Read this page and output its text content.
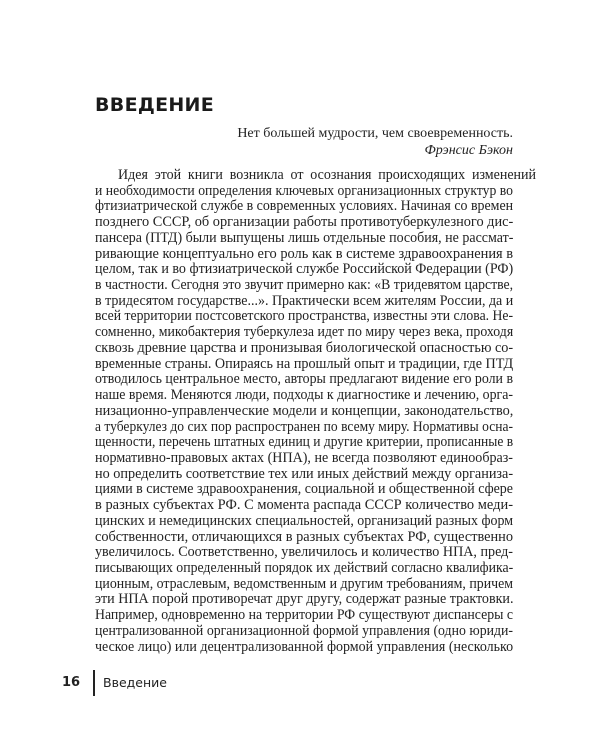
ВВЕДЕНИЕ
Нет большей мудрости, чем своевременность.
Фрэнсис Бэкон
Идея этой книги возникла от осознания происходящих изменений
и необходимости определения ключевых организационных структур во
фтизиатрической службе в современных условиях. Начиная со времен
позднего СССР, об организации работы противотуберкулезного дис-
пансера (ПТД) были выпущены лишь отдельные пособия, не рассмат-
ривающие концептуально его роль как в системе здравоохранения в
целом, так и во фтизиатрической службе Российской Федерации (РФ)
в частности. Сегодня это звучит примерно как: «В тридевятом царстве,
в тридесятом государстве...». Практически всем жителям России, да и
всей территории постсоветского пространства, известны эти слова. Не-
сомненно, микобактерия туберкулеза идет по миру через века, проходя
сквозь древние царства и пронизывая биологической опасностью со-
временные страны. Опираясь на прошлый опыт и традиции, где ПТД
отводилось центральное место, авторы предлагают видение его роли в
наше время. Меняются люди, подходы к диагностике и лечению, орга-
низационно-управленческие модели и концепции, законодательство,
а туберкулез до сих пор распространен по всему миру. Нормативы осна-
щенности, перечень штатных единиц и другие критерии, прописанные в
нормативно-правовых актах (НПА), не всегда позволяют единообраз-
но определить соответствие тех или иных действий между организа-
циями в системе здравоохранения, социальной и общественной сфере
в разных субъектах РФ. С момента распада СССР количество меди-
цинских и немедицинских специальностей, организаций разных форм
собственности, отличающихся в разных субъектах РФ, существенно
увеличилось. Соответственно, увеличилось и количество НПА, пред-
писывающих определенный порядок их действий согласно квалифика-
ционным, отраслевым, ведомственным и другим требованиям, причем
эти НПА порой противоречат друг другу, содержат разные трактовки.
Например, одновременно на территории РФ существуют диспансеры с
централизованной организационной формой управления (одно юриди-
ческое лицо) или децентрализованной формой управления (несколько
16 Введение
